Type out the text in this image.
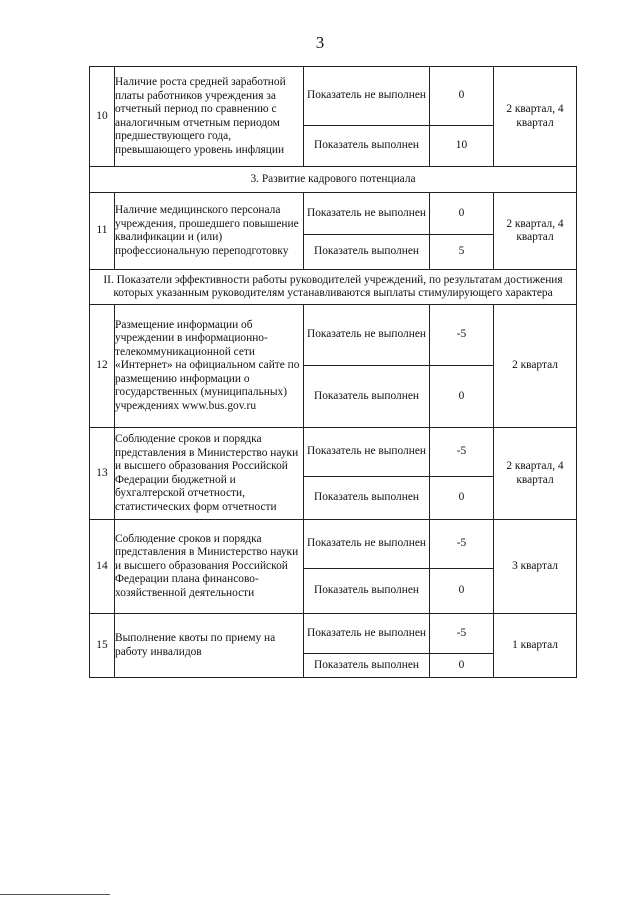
3
10	Наличие роста средней заработной платы работников учреждения за отчетный период по сравнению с аналогичным отчетным периодом предшествующего года, превышающего уровень инфляции	Показатель не выполнен	0	2 квартал, 4 квартал
		Показатель выполнен	10	
3. Развитие кадрового потенциала				
11	Наличие медицинского персонала учреждения, прошедшего повышение квалификации и (или) профессиональную переподготовку	Показатель не выполнен	0	2 квартал, 4 квартал
		Показатель выполнен	5	
II. Показатели эффективности работы руководителей учреждений, по результатам достижения которых указанным руководителям устанавливаются выплаты стимулирующего характера				
12	Размещение информации об учреждении в информационно-телекоммуникационной сети «Интернет» на официальном сайте по размещению информации о государственных (муниципальных) учреждениях www.bus.gov.ru	Показатель не выполнен	-5	2 квартал
		Показатель выполнен	0	
13	Соблюдение сроков и порядка представления в Министерство науки и высшего образования Российской Федерации бюджетной и бухгалтерской отчетности, статистических форм отчетности	Показатель не выполнен	-5	2 квартал, 4 квартал
		Показатель выполнен	0	
14	Соблюдение сроков и порядка представления в Министерство науки и высшего образования Российской Федерации плана финансово-хозяйственной деятельности	Показатель не выполнен	-5	3 квартал
		Показатель выполнен	0	
15	Выполнение квоты по приему на работу инвалидов	Показатель не выполнен	-5	1 квартал
		Показатель выполнен	0	
